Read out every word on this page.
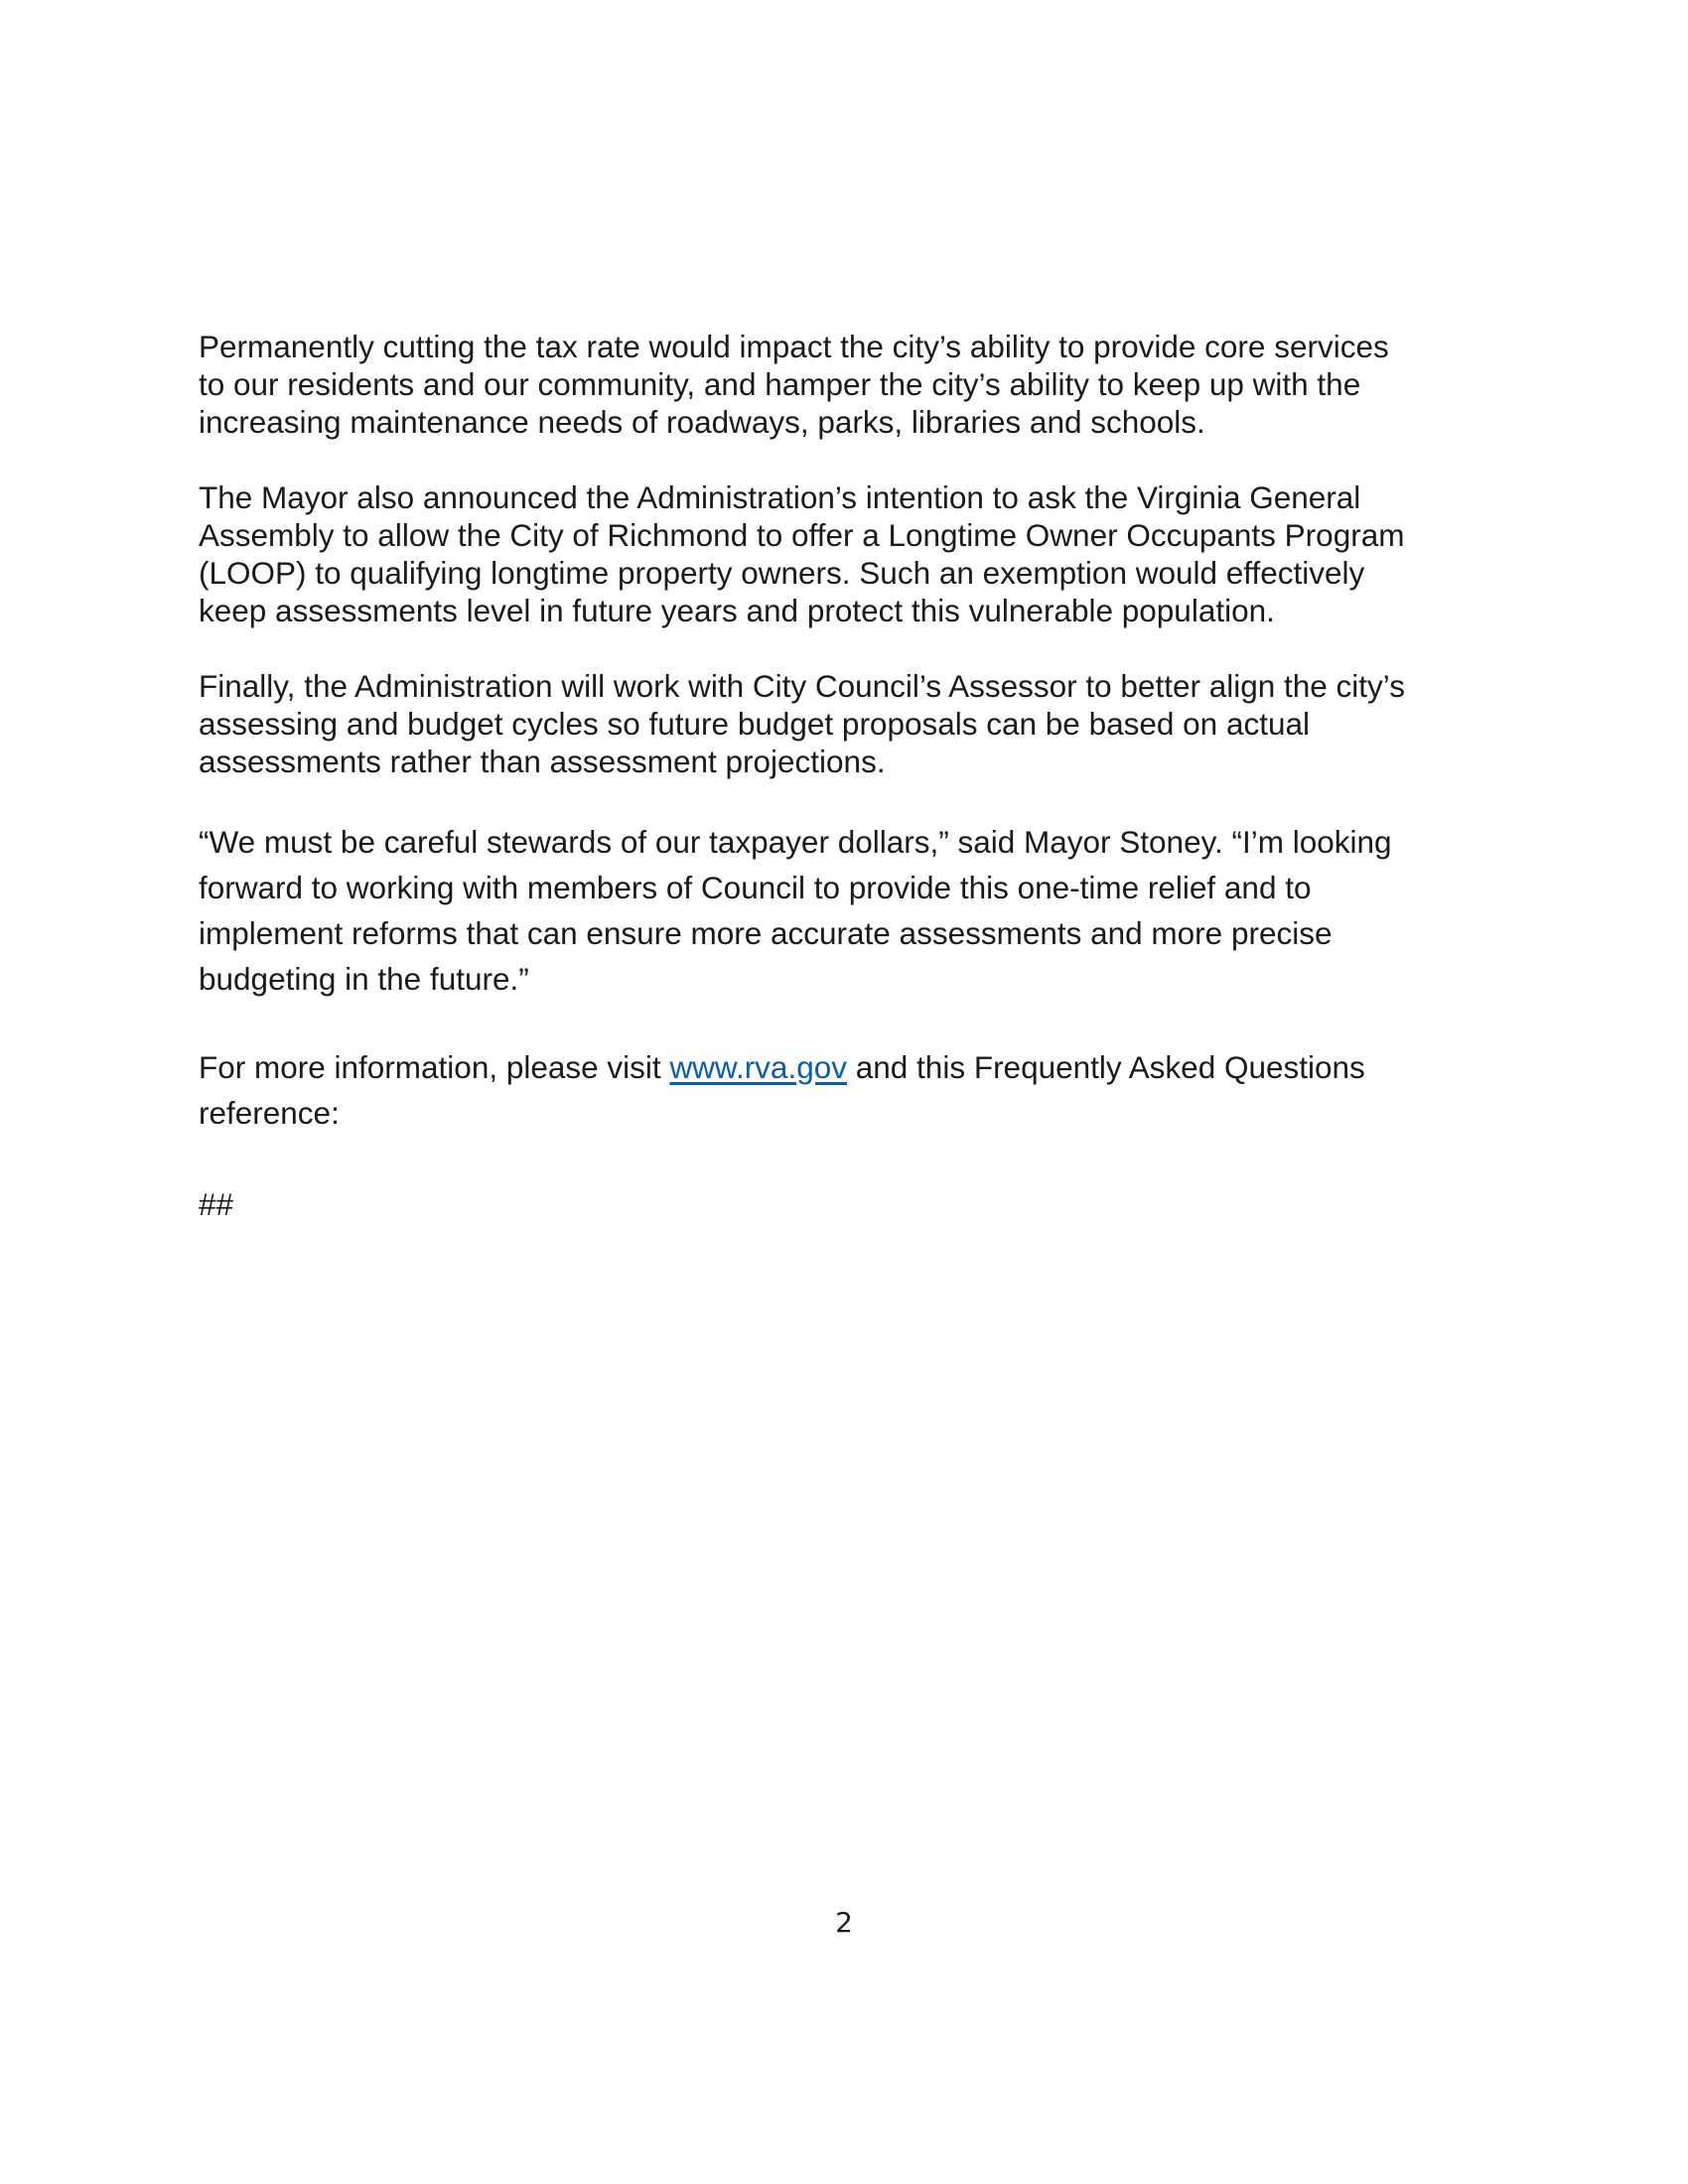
Permanently cutting the tax rate would impact the city’s ability to provide core services
to our residents and our community, and hamper the city’s ability to keep up with the
increasing maintenance needs of roadways, parks, libraries and schools.

The Mayor also announced the Administration’s intention to ask the Virginia General
Assembly to allow the City of Richmond to offer a Longtime Owner Occupants Program
(LOOP) to qualifying longtime property owners. Such an exemption would effectively
keep assessments level in future years and protect this vulnerable population.

Finally, the Administration will work with City Council’s Assessor to better align the city’s
assessing and budget cycles so future budget proposals can be based on actual
assessments rather than assessment projections.

“We must be careful stewards of our taxpayer dollars,” said Mayor Stoney. “I’m looking
forward to working with members of Council to provide this one-time relief and to
implement reforms that can ensure more accurate assessments and more precise
budgeting in the future.”

For more information, please visit www.rva.gov and this Frequently Asked Questions
reference:

##

2
